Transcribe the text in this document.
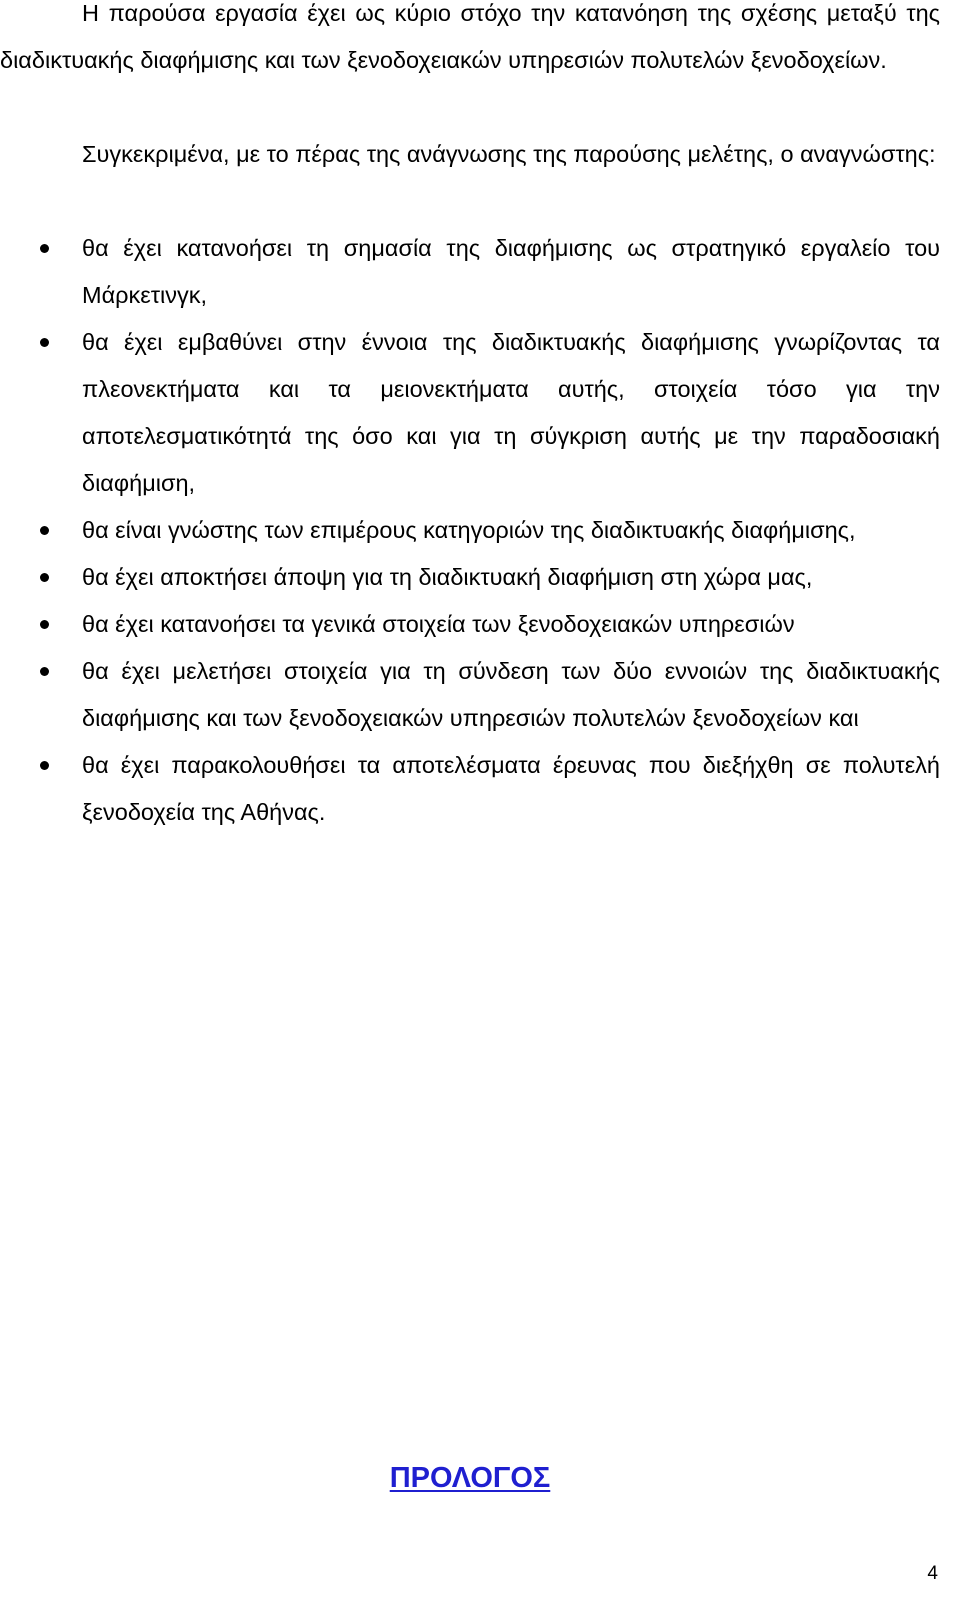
Η παρούσα εργασία έχει ως κύριο στόχο την κατανόηση της σχέσης μεταξύ της διαδικτυακής διαφήμισης και των ξενοδοχειακών υπηρεσιών πολυτελών ξενοδοχείων.

Συγκεκριμένα, με το πέρας της ανάγνωσης της παρούσης μελέτης, ο αναγνώστης:

θα έχει κατανοήσει τη σημασία της διαφήμισης ως στρατηγικό εργαλείο του Μάρκετινγκ,
θα έχει εμβαθύνει στην έννοια της διαδικτυακής διαφήμισης γνωρίζοντας τα πλεονεκτήματα και τα μειονεκτήματα αυτής, στοιχεία τόσο για την αποτελεσματικότητά της όσο και για τη σύγκριση αυτής με την παραδοσιακή διαφήμιση,
θα είναι γνώστης των επιμέρους κατηγοριών της διαδικτυακής διαφήμισης,
θα έχει αποκτήσει άποψη για τη διαδικτυακή διαφήμιση στη χώρα μας,
θα έχει κατανοήσει τα γενικά στοιχεία των ξενοδοχειακών υπηρεσιών
θα έχει μελετήσει στοιχεία για τη σύνδεση των δύο εννοιών της διαδικτυακής διαφήμισης και των ξενοδοχειακών υπηρεσιών πολυτελών ξενοδοχείων και
θα έχει παρακολουθήσει τα αποτελέσματα έρευνας που διεξήχθη σε πολυτελή ξενοδοχεία της Αθήνας.
ΠΡΟΛΟΓΟΣ
4
